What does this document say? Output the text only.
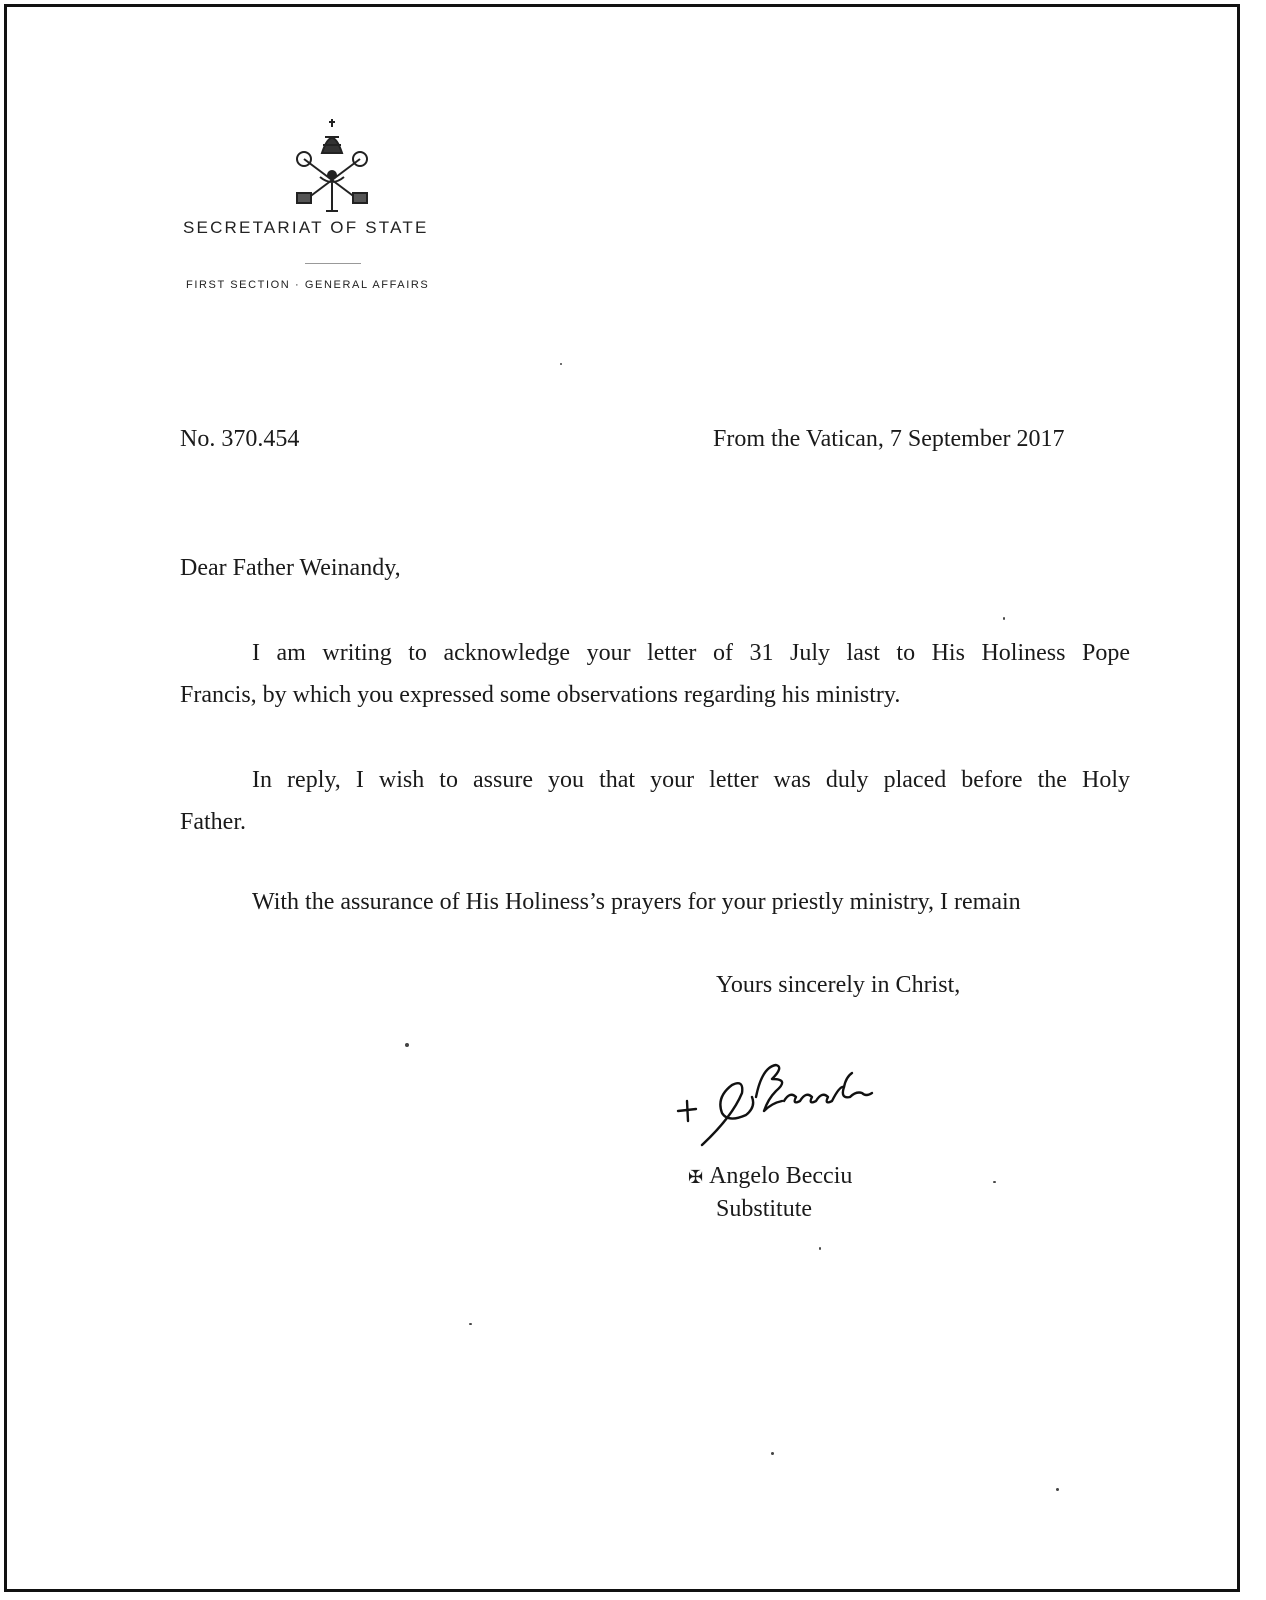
SECRETARIAT OF STATE
FIRST SECTION · GENERAL AFFAIRS
No. 370.454	From the Vatican, 7 September 2017
Dear Father Weinandy,
I am writing to acknowledge your letter of 31 July last to His Holiness Pope
Francis, by which you expressed some observations regarding his ministry.
In reply, I wish to assure you that your letter was duly placed before the Holy
Father.
With the assurance of His Holiness’s prayers for your priestly ministry, I remain
Yours sincerely in Christ,
✠ Angelo Becciu
Substitute
